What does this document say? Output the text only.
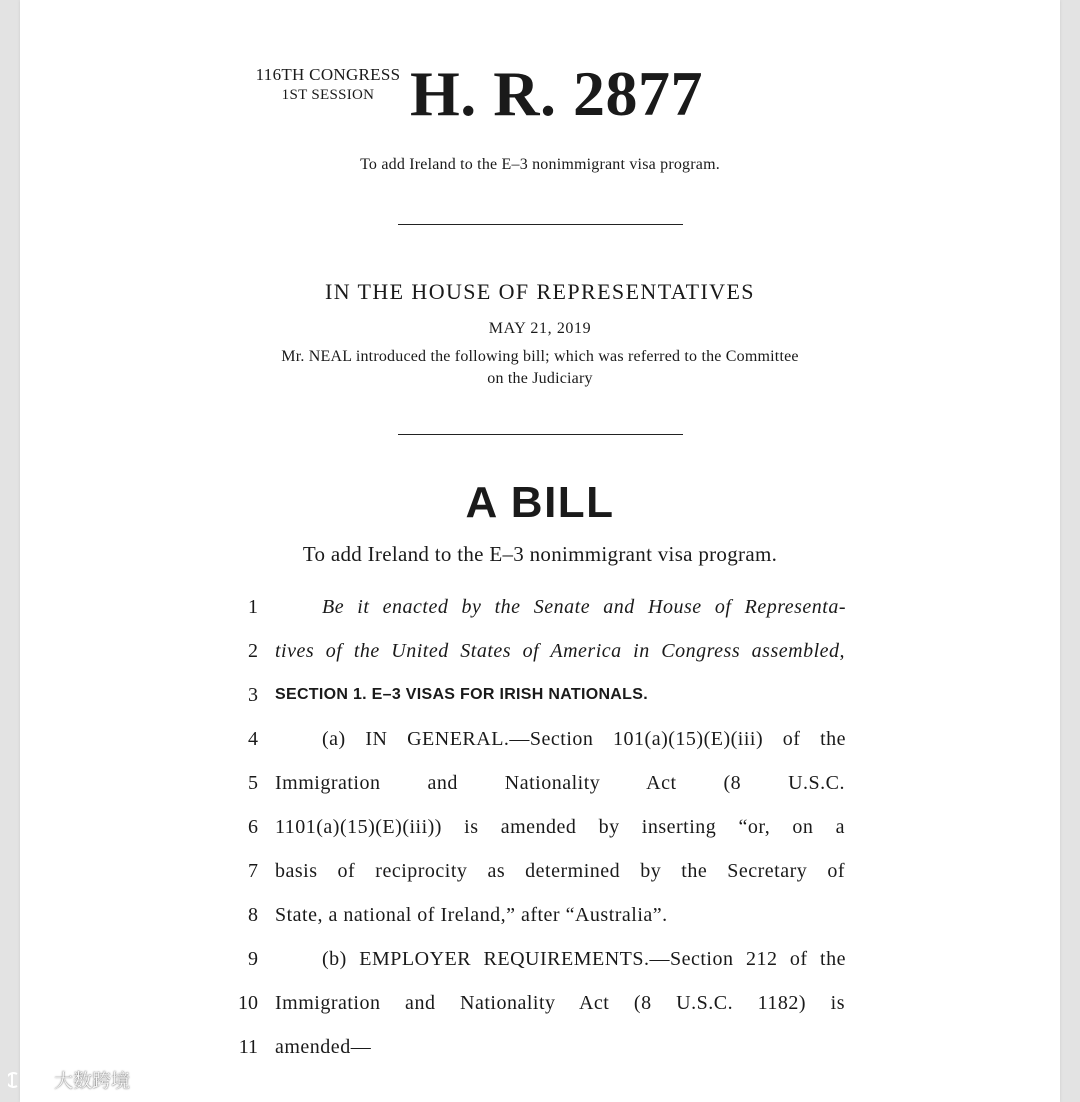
116TH CONGRESS
1ST SESSION H. R. 2877
To add Ireland to the E–3 nonimmigrant visa program.
IN THE HOUSE OF REPRESENTATIVES
MAY 21, 2019
Mr. NEAL introduced the following bill; which was referred to the Committee
on the Judiciary
A BILL
To add Ireland to the E–3 nonimmigrant visa program.
1	Be it enacted by the Senate and House of Representa-
2 tives of the United States of America in Congress assembled,
3 SECTION 1. E–3 VISAS FOR IRISH NATIONALS.
4	(a) IN GENERAL.—Section 101(a)(15)(E)(iii) of the
5 Immigration and Nationality Act (8 U.S.C.
6 1101(a)(15)(E)(iii)) is amended by inserting “or, on a
7 basis of reciprocity as determined by the Secretary of
8 State, a national of Ireland,” after “Australia”.
9	(b) EMPLOYER REQUIREMENTS.—Section 212 of the
10 Immigration and Nationality Act (8 U.S.C. 1182) is
11 amended—
大数跨境
